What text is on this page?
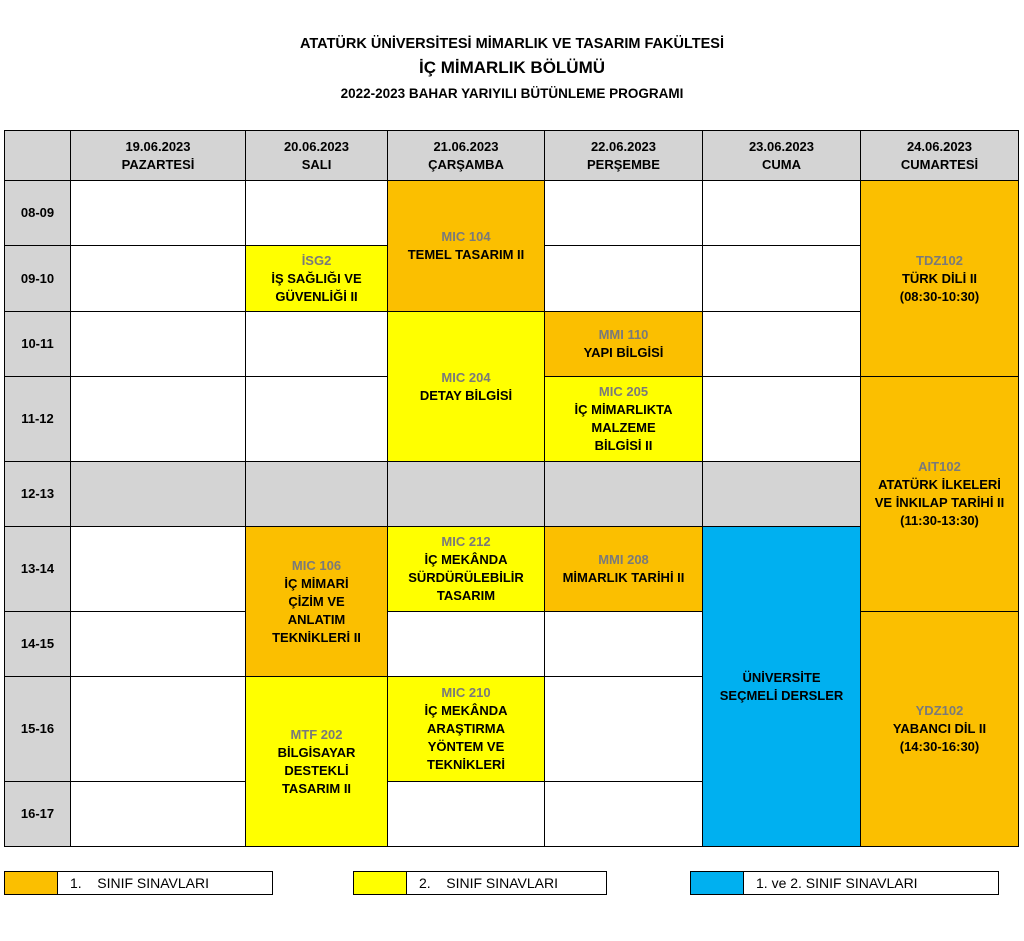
ATATÜRK ÜNİVERSİTESİ MİMARLIK VE TASARIM FAKÜLTESİ
İÇ MİMARLIK BÖLÜMÜ
2022-2023 BAHAR YARIYILI BÜTÜNLEME PROGRAMI
19.06.2023
PAZARTESİ
20.06.2023
SALI
21.06.2023
ÇARŞAMBA
22.06.2023
PERŞEMBE
23.06.2023
CUMA
24.06.2023
CUMARTESİ
08-09
09-10
10-11
11-12
12-13
13-14
14-15
15-16
16-17
İSG2
İŞ SAĞLIĞI VE
GÜVENLİĞİ II
MIC 106
İÇ MİMARİ
ÇİZİM VE
ANLATIM
TEKNİKLERİ II
MTF 202
BİLGİSAYAR
DESTEKLİ
TASARIM II
MIC 104
TEMEL TASARIM II
MIC 204
DETAY BİLGİSİ
MIC 212
İÇ MEKÂNDA
SÜRDÜRÜLEBİLİR
TASARIM
MIC 210
İÇ MEKÂNDA
ARAŞTIRMA
YÖNTEM VE
TEKNİKLERİ
MMI 110
YAPI BİLGİSİ
MIC 205
İÇ MİMARLIKTA
MALZEME
BİLGİSİ II
MMI 208
MİMARLIK TARİHİ II
ÜNİVERSİTE
SEÇMELİ DERSLER
TDZ102
TÜRK DİLİ II
(08:30-10:30)
AIT102
ATATÜRK İLKELERİ
VE İNKILAP TARİHİ II
(11:30-13:30)
YDZ102
YABANCI DİL II
(14:30-16:30)
1.    SINIF SINAVLARI	2.    SINIF SINAVLARI	1. ve 2. SINIF SINAVLARI
